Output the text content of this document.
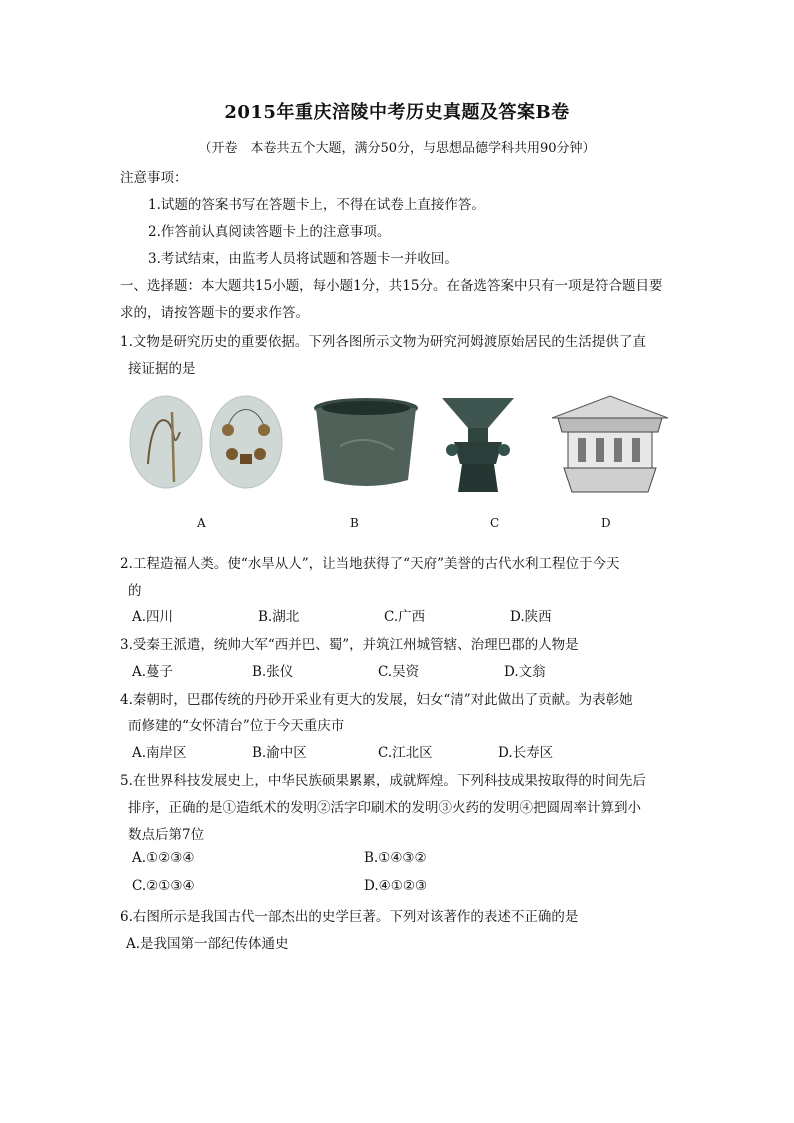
2015年重庆涪陵中考历史真题及答案B卷
（开卷　本卷共五个大题，满分50分，与思想品德学科共用90分钟）
注意事项：
1.试题的答案书写在答题卡上，不得在试卷上直接作答。
2.作答前认真阅读答题卡上的注意事项。
3.考试结束，由监考人员将试题和答题卡一并收回。
一、选择题：本大题共15小题，每小题1分，共15分。在备选答案中只有一项是符合题目要
求的，请按答题卡的要求作答。
1.文物是研究历史的重要依据。下列各图所示文物为研究河姆渡原始居民的生活提供了直
接证据的是
A	B	C	D
2.工程造福人类。使“水旱从人”，让当地获得了“天府”美誉的古代水利工程位于今天
的
A.四川	B.湖北	C.广西	D.陕西
3.受秦王派遣，统帅大军“西并巴、蜀”，并筑江州城管辖、治理巴郡的人物是
A.蔓子	B.张仪	C.吴资	D.文翁
4.秦朝时，巴郡传统的丹砂开采业有更大的发展，妇女“清”对此做出了贡献。为表彰她
而修建的“女怀清台”位于今天重庆市
A.南岸区	B.渝中区	C.江北区	D.长寿区
5.在世界科技发展史上，中华民族硕果累累，成就辉煌。下列科技成果按取得的时间先后
排序，正确的是①造纸术的发明②活字印刷术的发明③火药的发明④把圆周率计算到小
数点后第7位
A.①②③④	B.①④③②
C.②①③④	D.④①②③
6.右图所示是我国古代一部杰出的史学巨著。下列对该著作的表述不正确的是
A.是我国第一部纪传体通史
